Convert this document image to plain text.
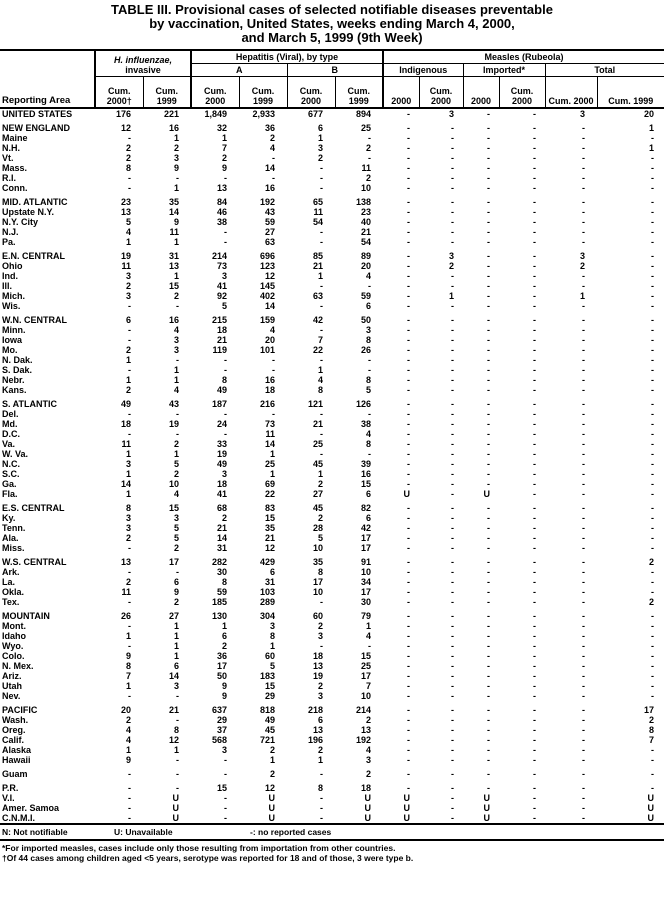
TABLE III. Provisional cases of selected notifiable diseases preventable
by vaccination, United States, weeks ending March 4, 2000,
and March 5, 1999 (9th Week)
Reporting Area	H. influenzae,
invasive		Hepatitis (Viral), by type				Measles (Rubeola)					
			A		B		Indigenous		Imported*		Total	
	Cum. 2000†	Cum. 1999	Cum. 2000	Cum. 1999	Cum. 2000	Cum. 1999	2000	Cum. 2000	2000	Cum. 2000	Cum. 2000	Cum. 1999
UNITED STATES	176	221	1,849	2,933	677	894	-	3	-	-	3	20
NEW ENGLAND	12	16	32	36	6	25	-	-	-	-	-	1
Maine	-	1	1	2	1	-	-	-	-	-	-	-
N.H.	2	2	7	4	3	2	-	-	-	-	-	1
Vt.	2	3	2	-	2	-	-	-	-	-	-	-
Mass.	8	9	9	14	-	11	-	-	-	-	-	-
R.I.	-	-	-	-	-	2	-	-	-	-	-	-
Conn.	-	1	13	16	-	10	-	-	-	-	-	-
MID. ATLANTIC	23	35	84	192	65	138	-	-	-	-	-	-
Upstate N.Y.	13	14	46	43	11	23	-	-	-	-	-	-
N.Y. City	5	9	38	59	54	40	-	-	-	-	-	-
N.J.	4	11	-	27	-	21	-	-	-	-	-	-
Pa.	1	1	-	63	-	54	-	-	-	-	-	-
E.N. CENTRAL	19	31	214	696	85	89	-	3	-	-	3	-
Ohio	11	13	73	123	21	20	-	2	-	-	2	-
Ind.	3	1	3	12	1	4	-	-	-	-	-	-
Ill.	2	15	41	145	-	-	-	-	-	-	-	-
Mich.	3	2	92	402	63	59	-	1	-	-	1	-
Wis.	-	-	5	14	-	6	-	-	-	-	-	-
W.N. CENTRAL	6	16	215	159	42	50	-	-	-	-	-	-
Minn.	-	4	18	4	-	3	-	-	-	-	-	-
Iowa	-	3	21	20	7	8	-	-	-	-	-	-
Mo.	2	3	119	101	22	26	-	-	-	-	-	-
N. Dak.	1	-	-	-	-	-	-	-	-	-	-	-
S. Dak.	-	1	-	-	1	-	-	-	-	-	-	-
Nebr.	1	1	8	16	4	8	-	-	-	-	-	-
Kans.	2	4	49	18	8	5	-	-	-	-	-	-
S. ATLANTIC	49	43	187	216	121	126	-	-	-	-	-	-
Del.	-	-	-	-	-	-	-	-	-	-	-	-
Md.	18	19	24	73	21	38	-	-	-	-	-	-
D.C.	-	-	-	11	-	4	-	-	-	-	-	-
Va.	11	2	33	14	25	8	-	-	-	-	-	-
W. Va.	1	1	19	1	-	-	-	-	-	-	-	-
N.C.	3	5	49	25	45	39	-	-	-	-	-	-
S.C.	1	2	3	1	1	16	-	-	-	-	-	-
Ga.	14	10	18	69	2	15	-	-	-	-	-	-
Fla.	1	4	41	22	27	6	U	-	U	-	-	-
E.S. CENTRAL	8	15	68	83	45	82	-	-	-	-	-	-
Ky.	3	3	2	15	2	6	-	-	-	-	-	-
Tenn.	3	5	21	35	28	42	-	-	-	-	-	-
Ala.	2	5	14	21	5	17	-	-	-	-	-	-
Miss.	-	2	31	12	10	17	-	-	-	-	-	-
W.S. CENTRAL	13	17	282	429	35	91	-	-	-	-	-	2
Ark.	-	-	30	6	8	10	-	-	-	-	-	-
La.	2	6	8	31	17	34	-	-	-	-	-	-
Okla.	11	9	59	103	10	17	-	-	-	-	-	-
Tex.	-	2	185	289	-	30	-	-	-	-	-	2
MOUNTAIN	26	27	130	304	60	79	-	-	-	-	-	-
Mont.	-	1	1	3	2	1	-	-	-	-	-	-
Idaho	1	1	6	8	3	4	-	-	-	-	-	-
Wyo.	-	1	2	1	-	-	-	-	-	-	-	-
Colo.	9	1	36	60	18	15	-	-	-	-	-	-
N. Mex.	8	6	17	5	13	25	-	-	-	-	-	-
Ariz.	7	14	50	183	19	17	-	-	-	-	-	-
Utah	1	3	9	15	2	7	-	-	-	-	-	-
Nev.	-	-	9	29	3	10	-	-	-	-	-	-
PACIFIC	20	21	637	818	218	214	-	-	-	-	-	17
Wash.	2	-	29	49	6	2	-	-	-	-	-	2
Oreg.	4	8	37	45	13	13	-	-	-	-	-	8
Calif.	4	12	568	721	196	192	-	-	-	-	-	7
Alaska	1	1	3	2	2	4	-	-	-	-	-	-
Hawaii	9	-	-	1	1	3	-	-	-	-	-	-
Guam	-	-	-	2	-	2	-	-	-	-	-	-
P.R.	-	-	15	12	8	18	-	-	-	-	-	-
V.I.	-	U	-	U	-	U	U	-	U	-	-	U
Amer. Samoa	-	U	-	U	-	U	U	-	U	-	-	U
C.N.M.I.	-	U	-	U	-	U	U	-	U	-	-	U
N: Not notifiable	U: Unavailable	-: no reported cases
*For imported measles, cases include only those resulting from importation from other countries.
†Of 44 cases among children aged <5 years, serotype was reported for 18 and of those, 3 were type b.
